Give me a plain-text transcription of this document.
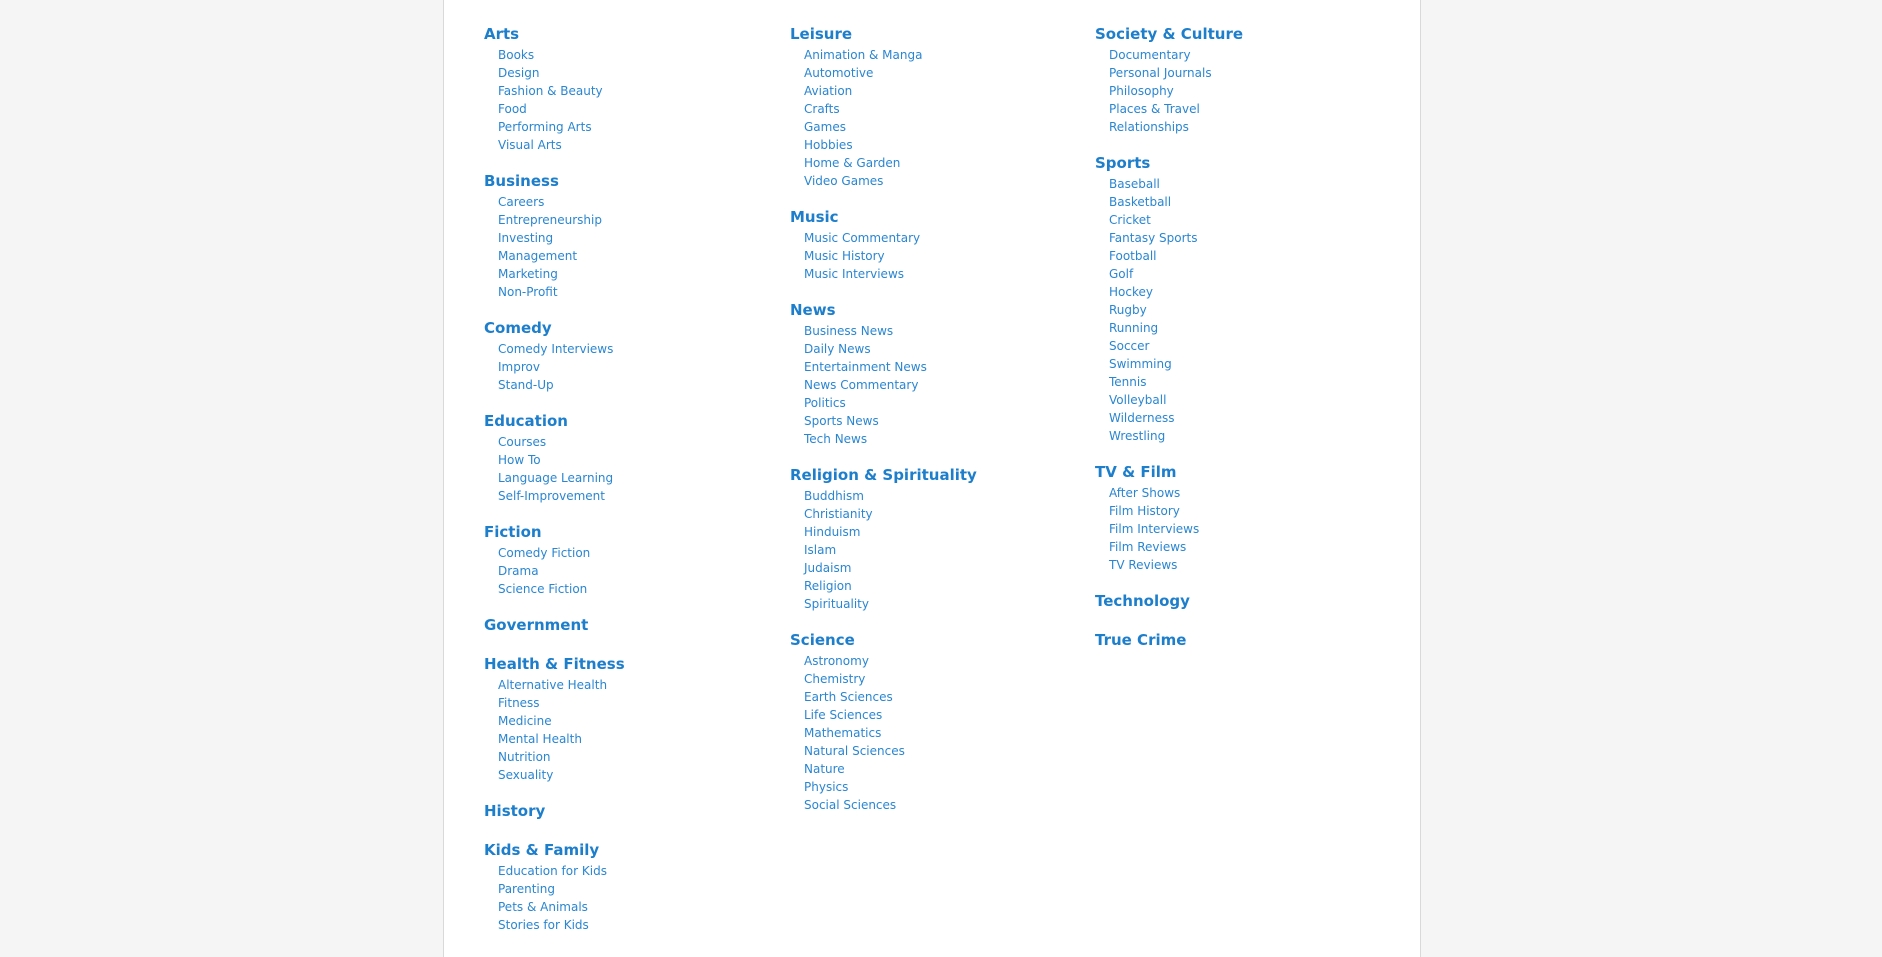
Arts
Books
Design
Fashion & Beauty
Food
Performing Arts
Visual Arts
Business
Careers
Entrepreneurship
Investing
Management
Marketing
Non-Profit
Comedy
Comedy Interviews
Improv
Stand-Up
Education
Courses
How To
Language Learning
Self-Improvement
Fiction
Comedy Fiction
Drama
Science Fiction
Government
Health & Fitness
Alternative Health
Fitness
Medicine
Mental Health
Nutrition
Sexuality
History
Kids & Family
Education for Kids
Parenting
Pets & Animals
Stories for Kids
Leisure
Animation & Manga
Automotive
Aviation
Crafts
Games
Hobbies
Home & Garden
Video Games
Music
Music Commentary
Music History
Music Interviews
News
Business News
Daily News
Entertainment News
News Commentary
Politics
Sports News
Tech News
Religion & Spirituality
Buddhism
Christianity
Hinduism
Islam
Judaism
Religion
Spirituality
Science
Astronomy
Chemistry
Earth Sciences
Life Sciences
Mathematics
Natural Sciences
Nature
Physics
Social Sciences
Society & Culture
Documentary
Personal Journals
Philosophy
Places & Travel
Relationships
Sports
Baseball
Basketball
Cricket
Fantasy Sports
Football
Golf
Hockey
Rugby
Running
Soccer
Swimming
Tennis
Volleyball
Wilderness
Wrestling
TV & Film
After Shows
Film History
Film Interviews
Film Reviews
TV Reviews
Technology
True Crime
